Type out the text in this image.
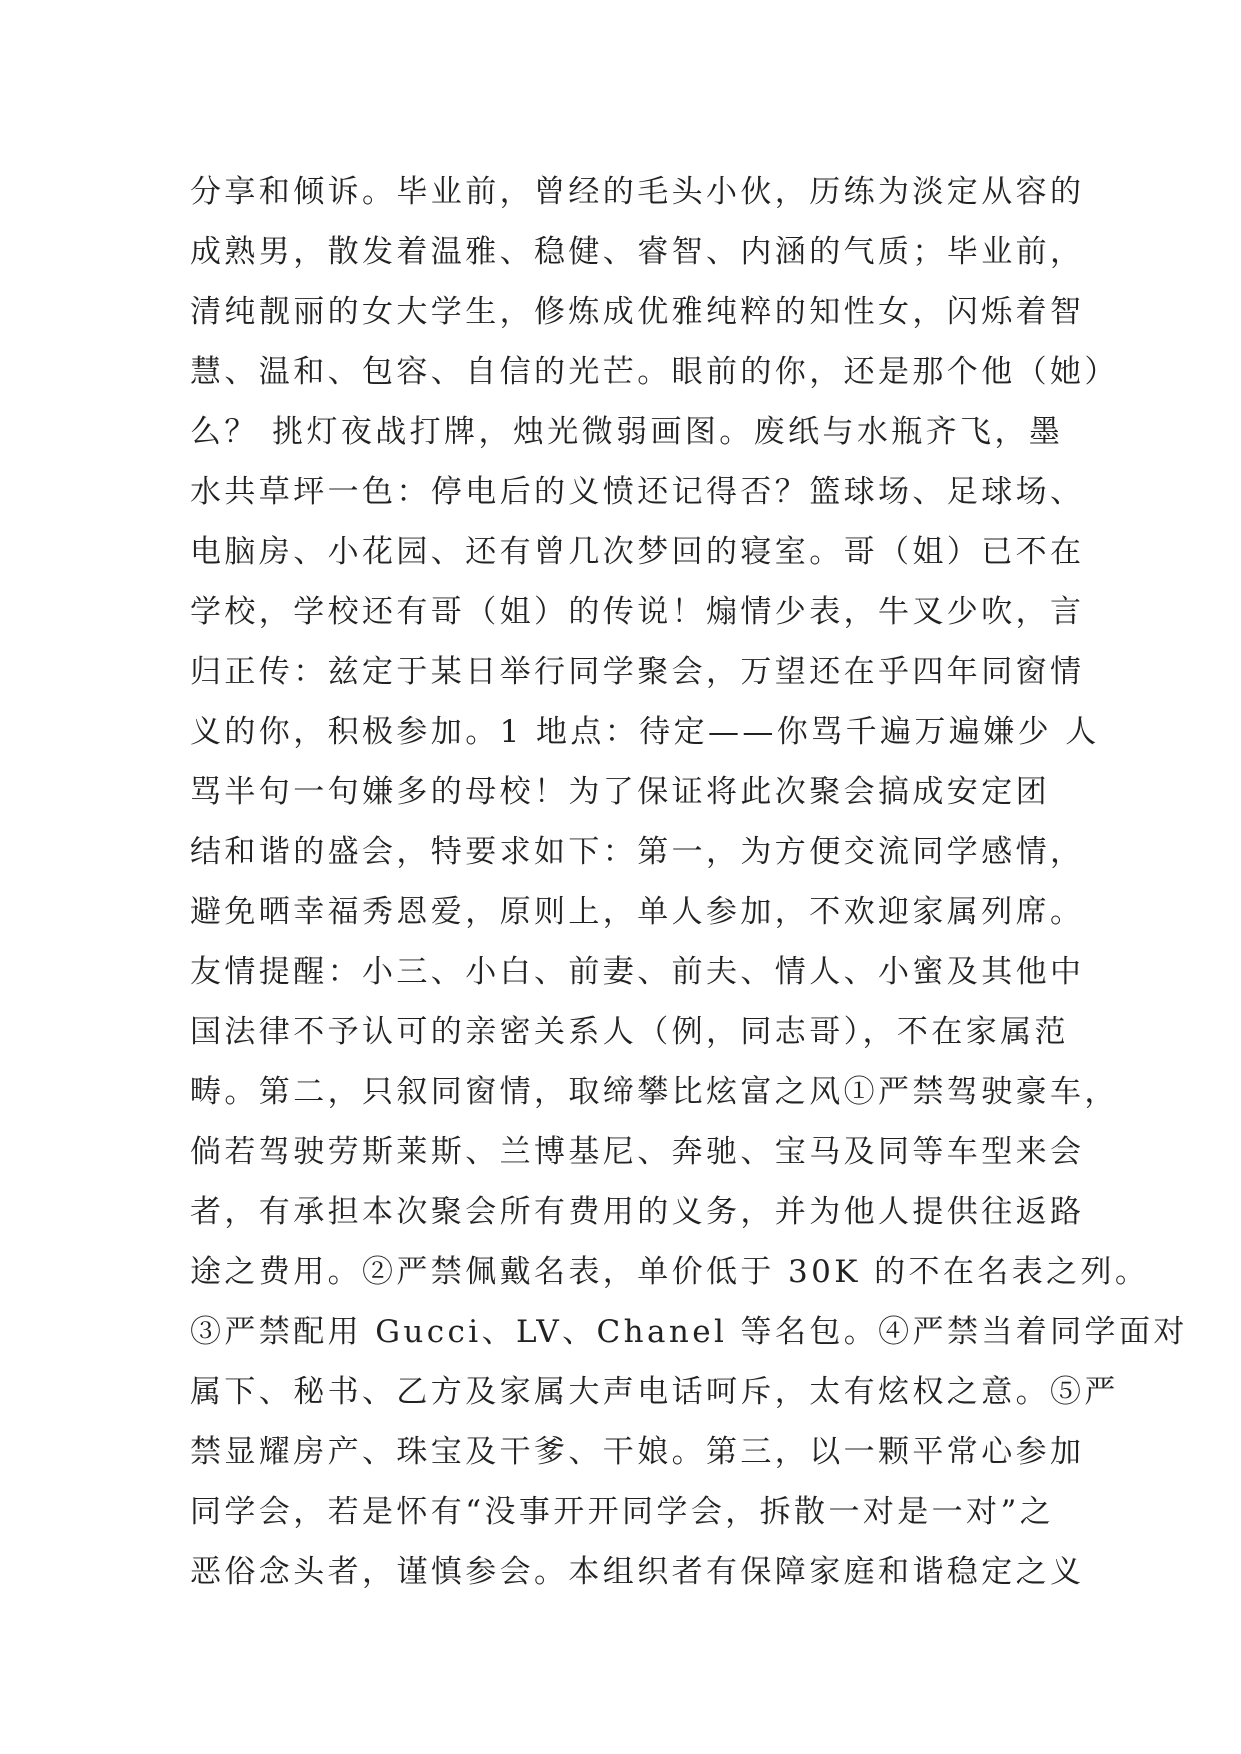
分享和倾诉。毕业前，曾经的毛头小伙，历练为淡定从容的
成熟男，散发着温雅、稳健、睿智、内涵的气质；毕业前，
清纯靓丽的女大学生，修炼成优雅纯粹的知性女，闪烁着智
慧、温和、包容、自信的光芒。眼前的你，还是那个他（她）
么？ 挑灯夜战打牌，烛光微弱画图。废纸与水瓶齐飞，墨
水共草坪一色：停电后的义愤还记得否？篮球场、足球场、
电脑房、小花园、还有曾几次梦回的寝室。哥（姐）已不在
学校，学校还有哥（姐）的传说！煽情少表，牛叉少吹，言
归正传：兹定于某日举行同学聚会，万望还在乎四年同窗情
义的你，积极参加。1 地点：待定——你骂千遍万遍嫌少 人
骂半句一句嫌多的母校！为了保证将此次聚会搞成安定团
结和谐的盛会，特要求如下：第一，为方便交流同学感情，
避免晒幸福秀恩爱，原则上，单人参加，不欢迎家属列席。
友情提醒：小三、小白、前妻、前夫、情人、小蜜及其他中
国法律不予认可的亲密关系人（例，同志哥），不在家属范
畴。第二，只叙同窗情，取缔攀比炫富之风①严禁驾驶豪车，
倘若驾驶劳斯莱斯、兰博基尼、奔驰、宝马及同等车型来会
者，有承担本次聚会所有费用的义务，并为他人提供往返路
途之费用。②严禁佩戴名表，单价低于 30K 的不在名表之列。
③严禁配用 Gucci、LV、Chanel 等名包。④严禁当着同学面对
属下、秘书、乙方及家属大声电话呵斥，太有炫权之意。⑤严
禁显耀房产、珠宝及干爹、干娘。第三，以一颗平常心参加
同学会，若是怀有“没事开开同学会，拆散一对是一对”之
恶俗念头者，谨慎参会。本组织者有保障家庭和谐稳定之义
